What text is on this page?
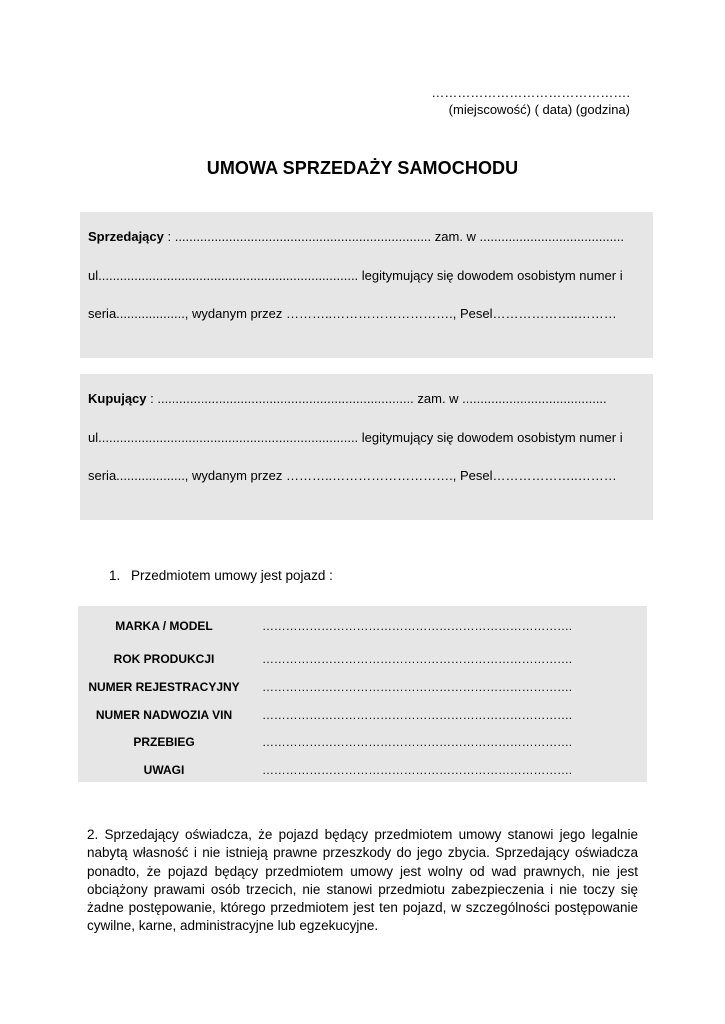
……………………………………….
(miejscowość) ( data) (godzina)
UMOWA SPRZEDAŻY SAMOCHODU
Sprzedający : ....................................................................... zam. w ........................................
ul........................................................................ legitymujący się dowodem osobistym numer i
seria..................., wydanym przez ………..………………………., Pesel………………..………
Kupujący : ....................................................................... zam. w ........................................
ul........................................................................ legitymujący się dowodem osobistym numer i
seria..................., wydanym przez ………..………………………., Pesel………………..………
1. Przedmiotem umowy jest pojazd :
MARKA / MODEL	…………………………………………………………………….
ROK PRODUKCJI	…………………………………………………………………….
NUMER REJESTRACYJNY	…………………………………………………………………….
NUMER NADWOZIA VIN	…………………………………………………………………….
PRZEBIEG	…………………………………………………………………….
UWAGI	…………………………………………………………………….
2. Sprzedający oświadcza, że pojazd będący przedmiotem umowy stanowi jego legalnie nabytą własność i nie istnieją prawne przeszkody do jego zbycia. Sprzedający oświadcza ponadto, że pojazd będący przedmiotem umowy jest wolny od wad prawnych, nie jest obciążony prawami osób trzecich, nie stanowi przedmiotu zabezpieczenia i nie toczy się żadne postępowanie, którego przedmiotem jest ten pojazd, w szczególności postępowanie cywilne, karne, administracyjne lub egzekucyjne.
